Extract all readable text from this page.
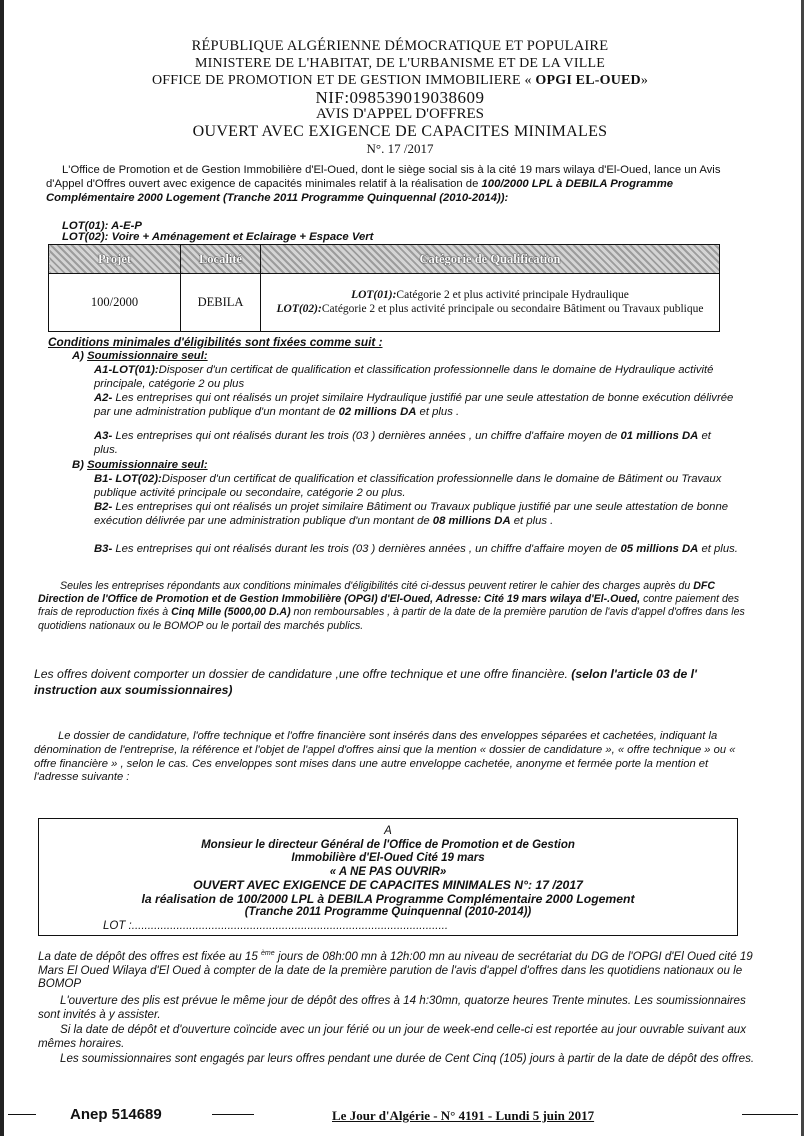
RÉPUBLIQUE ALGÉRIENNE DÉMOCRATIQUE ET POPULAIRE
MINISTERE DE L'HABITAT, DE L'URBANISME ET DE LA VILLE
OFFICE DE PROMOTION ET DE GESTION IMMOBILIERE « OPGI EL-OUED»
NIF:098539019038609
AVIS D'APPEL D'OFFRES
OUVERT AVEC EXIGENCE DE CAPACITES MINIMALES
N°. 17 /2017
L'Office de Promotion et de Gestion Immobilière d'El-Oued, dont le siège social sis à la cité 19 mars wilaya d'El-Oued, lance un Avis d'Appel d'Offres ouvert avec exigence de capacités minimales relatif à la réalisation de 100/2000 LPL à DEBILA Programme Complémentaire 2000 Logement (Tranche 2011 Programme Quinquennal (2010-2014)):
LOT(01): A-E-P
LOT(02): Voire + Aménagement et Eclairage + Espace Vert
Projet	Localité	Catégorie de Qualification
100/2000	DEBILA	LOT(01):Catégorie 2 et plus activité principale Hydraulique
LOT(02):Catégorie 2 et plus activité principale ou secondaire Bâtiment ou Travaux publique
Conditions minimales d'éligibilités sont fixées comme suit :
A) Soumissionnaire seul:
A1-LOT(01):Disposer d'un certificat de qualification et classification professionnelle dans le domaine de Hydraulique activité principale, catégorie 2 ou plus
A2- Les entreprises qui ont réalisés un projet similaire Hydraulique justifié par une seule attestation de bonne exécution délivrée par une administration publique d'un montant de 02 millions DA et plus .
A3- Les entreprises qui ont réalisés durant les trois (03 ) dernières années , un chiffre d'affaire moyen de 01 millions DA et plus.
B) Soumissionnaire seul:
B1- LOT(02):Disposer d'un certificat de qualification et classification professionnelle dans le domaine de Bâtiment ou Travaux publique activité principale ou secondaire, catégorie 2 ou plus.
B2- Les entreprises qui ont réalisés un projet similaire Bâtiment ou Travaux publique justifié par une seule attestation de bonne exécution délivrée par une administration publique d'un montant de 08 millions DA et plus .
B3- Les entreprises qui ont réalisés durant les trois (03 ) dernières années , un chiffre d'affaire moyen de 05 millions DA et plus.
Seules les entreprises répondants aux conditions minimales d'éligibilités cité ci-dessus peuvent retirer le cahier des charges auprès du DFC Direction de l'Office de Promotion et de Gestion Immobilière (OPGI) d'El-Oued, Adresse: Cité 19 mars wilaya d'El-.Oued, contre paiement des frais de reproduction fixés à Cinq Mille (5000,00 D.A) non remboursables , à partir de la date de la première parution de l'avis d'appel d'offres dans les quotidiens nationaux ou le BOMOP ou le portail des marchés publics.
Les offres doivent comporter un dossier de candidature ,une offre technique et une offre financière. (selon l'article 03 de l' instruction aux soumissionnaires)
Le dossier de candidature, l'offre technique et l'offre financière sont insérés dans des enveloppes séparées et cachetées, indiquant la dénomination de l'entreprise, la référence et l'objet de l'appel d'offres ainsi que la mention « dossier de candidature », « offre technique » ou « offre financière » , selon le cas. Ces enveloppes sont mises dans une autre enveloppe cachetée, anonyme et fermée porte la mention et l'adresse suivante :
A
Monsieur le directeur Général de l'Office de Promotion et de Gestion
Immobilière d'El-Oued Cité 19 mars
« A NE PAS OUVRIR»
OUVERT AVEC EXIGENCE DE CAPACITES MINIMALES N°: 17 /2017
la réalisation de 100/2000 LPL à DEBILA Programme Complémentaire 2000 Logement
(Tranche 2011 Programme Quinquennal (2010-2014))
LOT :...................................................................................................
La date de dépôt des offres est fixée au 15 $^{ème}$ jours de 08h:00 mn à 12h:00 mn au niveau de secrétariat du DG de l'OPGI d'El Oued cité 19 Mars El Oued Wilaya d'El Oued à compter de la date de la première parution de l'avis d'appel d'offres dans les quotidiens nationaux ou le BOMOP
L'ouverture des plis est prévue le même jour de dépôt des offres à 14 h:30mn, quatorze heures Trente minutes. Les soumissionnaires sont invités à y assister.
Si la date de dépôt et d'ouverture coïncide avec un jour férié ou un jour de week-end celle-ci est reportée au jour ouvrable suivant aux mêmes horaires.
Les soumissionnaires sont engagés par leurs offres pendant une durée de Cent Cinq (105) jours à partir de la date de dépôt des offres.
Anep 514689	Le Jour d'Algérie - N° 4191 - Lundi 5 juin 2017
